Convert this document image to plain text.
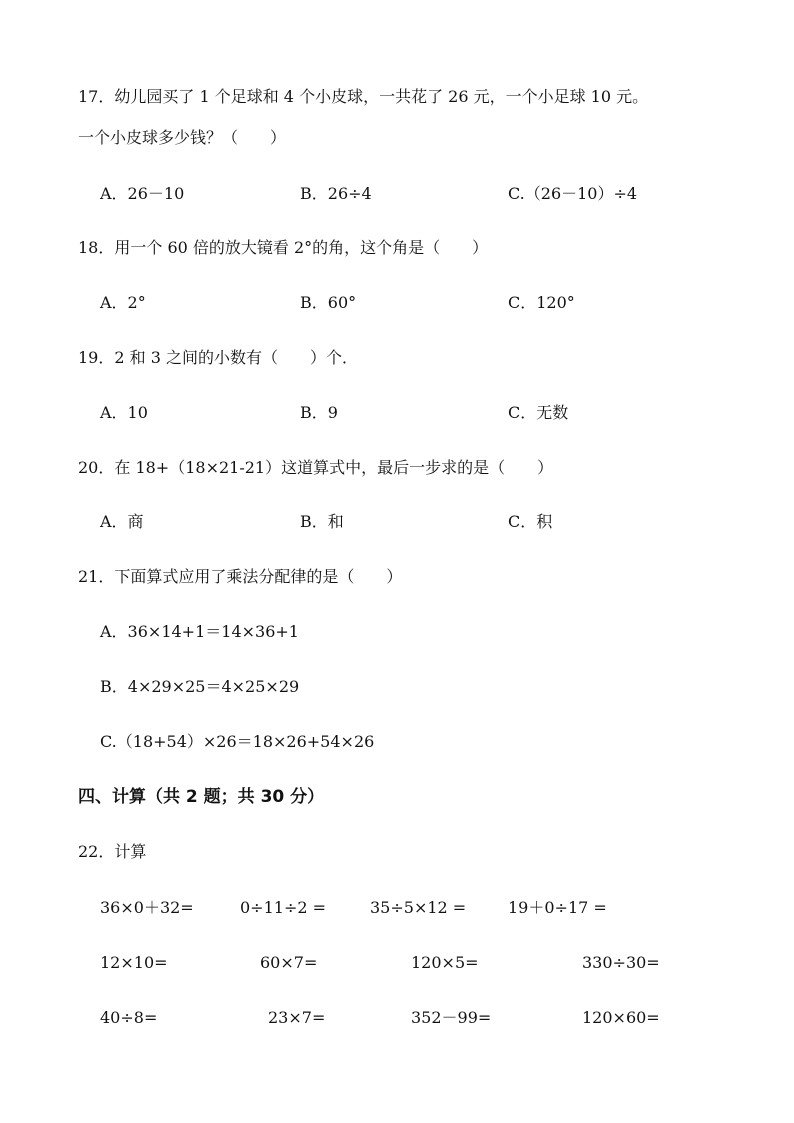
17．幼儿园买了 1 个足球和 4 个小皮球，一共花了 26 元，一个小足球 10 元。
一个小皮球多少钱？（　　）
A．26－10	B．26÷4	C.（26－10）÷4
18．用一个 60 倍的放大镜看 2°的角，这个角是（　　）
A．2°	B．60°	C．120°
19．2 和 3 之间的小数有（　　）个．
A．10	B．9	C．无数
20．在 18+（18×21-21）这道算式中，最后一步求的是（　　）
A．商	B．和	C．积
21．下面算式应用了乘法分配律的是（　　）
A．36×14+1＝14×36+1
B．4×29×25＝4×25×29
C.（18+54）×26＝18×26+54×26
四、计算（共 2 题；共 30 分）
22．计算
36×0＋32=	0÷11÷2 =	35÷5×12 =	19＋0÷17 =
12×10=	60×7=	120×5=	330÷30=
40÷8=	23×7=	352－99=	120×60=
